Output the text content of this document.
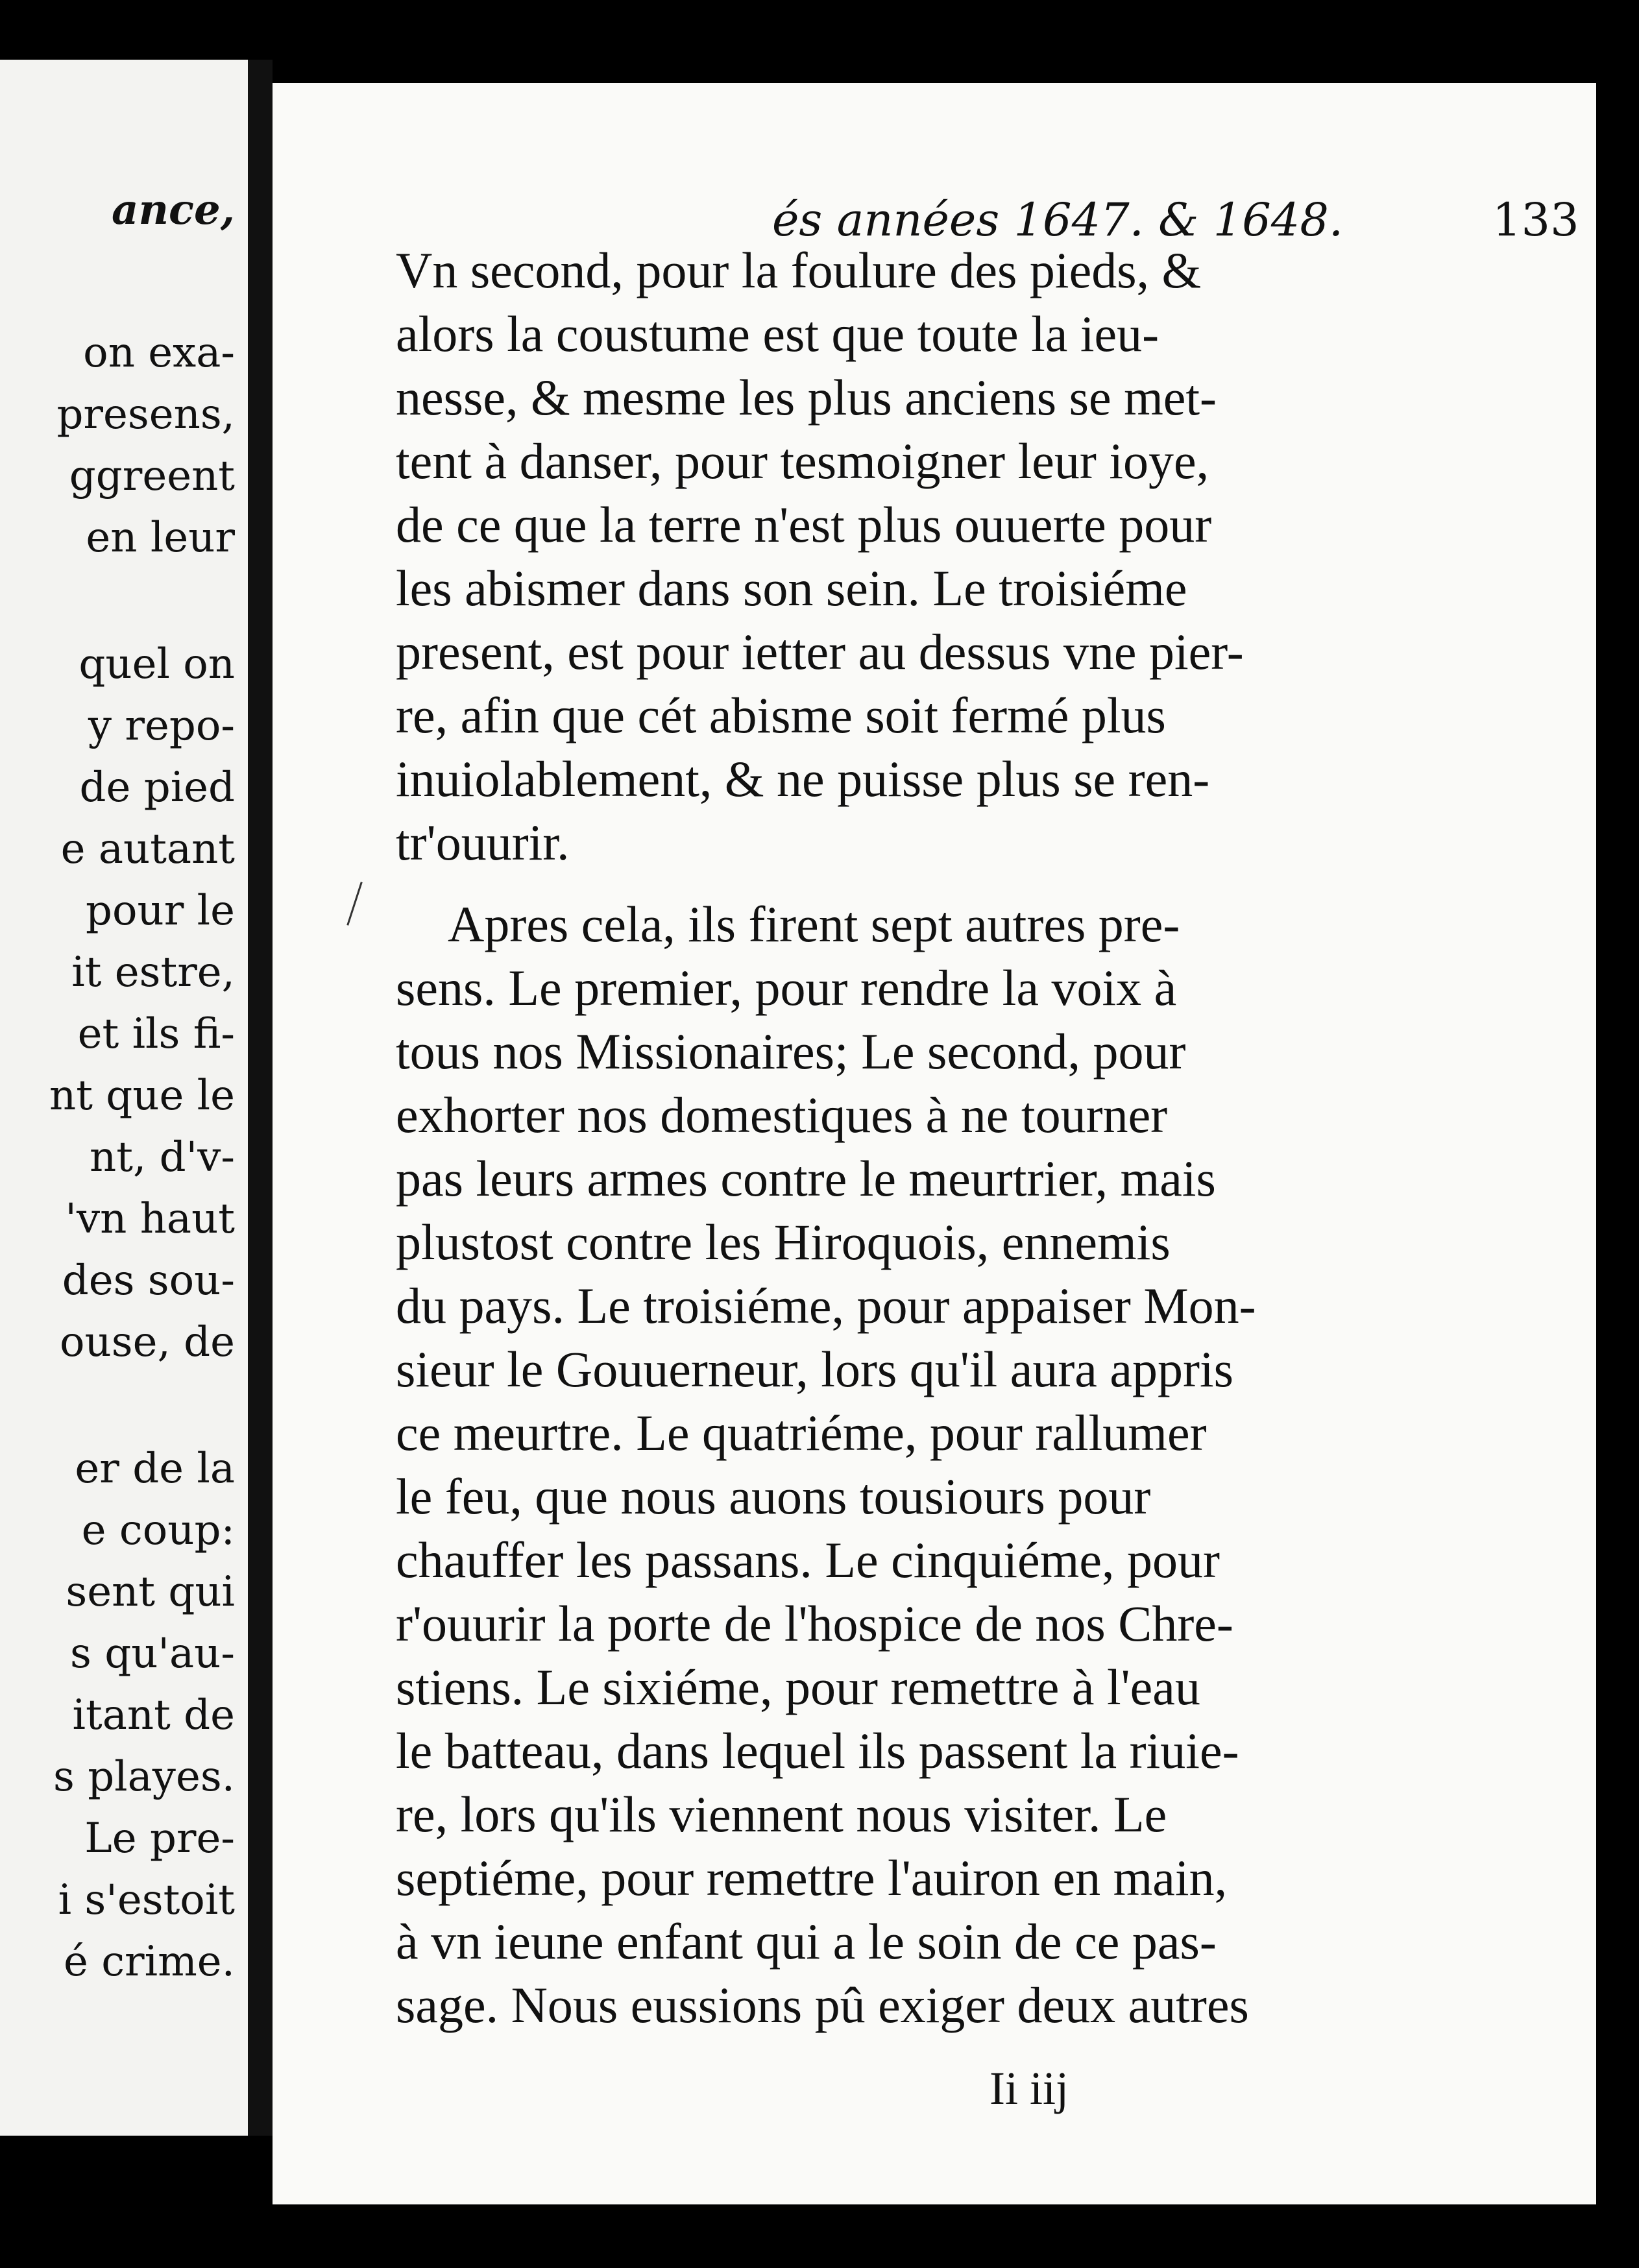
ance,
on exa-
presens,
ggreent
en leur
quel on
y repo-
de pied
e autant
pour le
it estre,
et ils fi-
nt que le
nt, d'v-
'vn haut
des sou-
ouse, de
er de la
e coup:
sent qui
s qu'au-
itant de
s playes.
Le pre-
i s'estoit
é crime.
és années 1647. & 1648.	133
Vn second, pour la foulure des pieds, &
alors la coustume est que toute la ieu-
nesse, & mesme les plus anciens se met-
tent à danser, pour tesmoigner leur ioye,
de ce que la terre n'est plus ouuerte pour
les abismer dans son sein. Le troisiéme
present, est pour ietter au dessus vne pier-
re, afin que cét abisme soit fermé plus
inuiolablement, & ne puisse plus se ren-
tr'ouurir.
Apres cela, ils firent sept autres pre-
sens. Le premier, pour rendre la voix à
tous nos Missionaires; Le second, pour
exhorter nos domestiques à ne tourner
pas leurs armes contre le meurtrier, mais
plustost contre les Hiroquois, ennemis
du pays. Le troisiéme, pour appaiser Mon-
sieur le Gouuerneur, lors qu'il aura appris
ce meurtre. Le quatriéme, pour rallumer
le feu, que nous auons tousiours pour
chauffer les passans. Le cinquiéme, pour
r'ouurir la porte de l'hospice de nos Chre-
stiens. Le sixiéme, pour remettre à l'eau
le batteau, dans lequel ils passent la riuie-
re, lors qu'ils viennent nous visiter. Le
septiéme, pour remettre l'auiron en main,
à vn ieune enfant qui a le soin de ce pas-
sage. Nous eussions pû exiger deux autres
Ii iij
